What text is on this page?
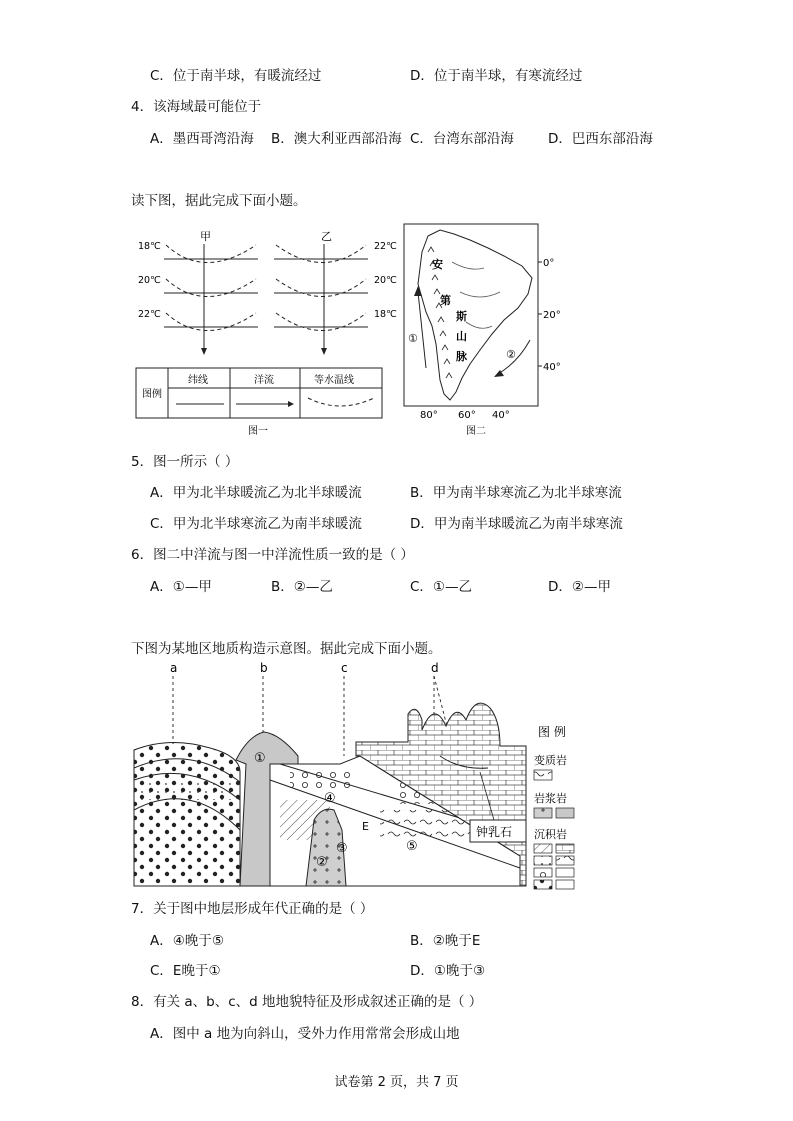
C．位于南半球，有暖流经过	D．位于南半球，有寒流经过
4．该海域最可能位于
A．墨西哥湾沿海 B．澳大利亚西部沿海 C．台湾东部沿海	D．巴西东部沿海
读下图，据此完成下面小题。
甲	乙
18℃
20℃
22℃
22℃
20℃
18℃
图例
纬线	洋流	等水温线
图一
安
第
斯
山
脉
①
②
0°
20°
40°
80° 60° 40°
图二
5．图一所示（ ）
A．甲为北半球暖流乙为北半球暖流	B．甲为南半球寒流乙为北半球寒流
C．甲为北半球寒流乙为南半球暖流	D．甲为南半球暖流乙为南半球寒流
6．图二中洋流与图一中洋流性质一致的是（ ）
A．①—甲	B．②—乙	C．①—乙	D．②—甲
下图为某地区地质构造示意图。据此完成下面小题。
a	b	c	d
①
②
③
④
⑤
E	钟乳石
图 例
变质岩
岩浆岩
沉积岩
7．关于图中地层形成年代正确的是（ ）
A．④晚于⑤	B．②晚于E
C．E晚于①	D．①晚于③
8．有关 a、b、c、d 地地貌特征及形成叙述正确的是（ ）
A．图中 a 地为向斜山，受外力作用常常会形成山地
试卷第 2 页，共 7 页
